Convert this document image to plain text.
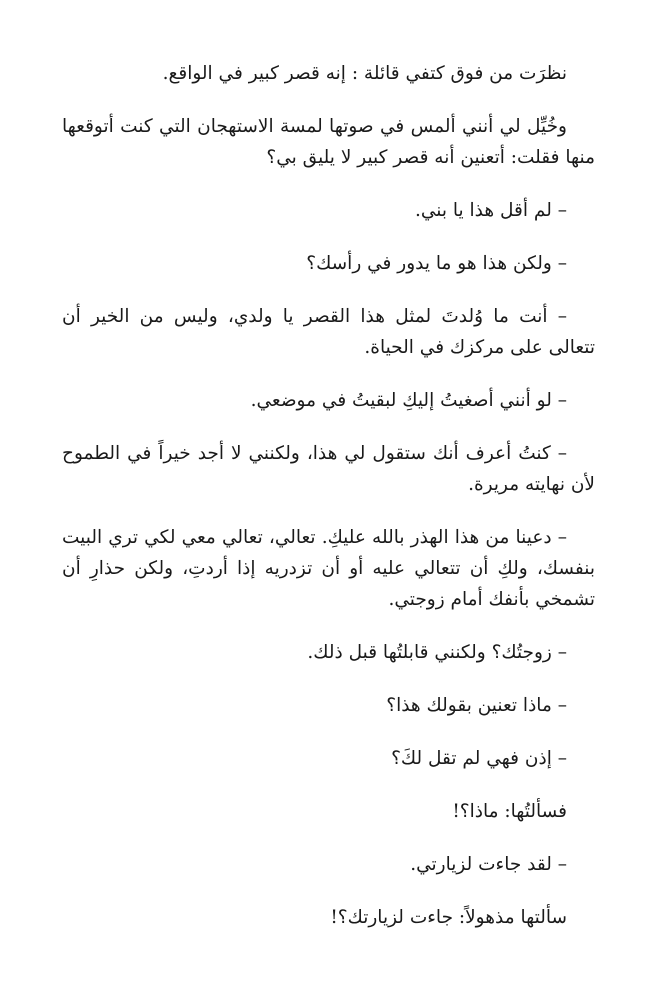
نظرَت من فوق كتفي قائلة : إنه قصر كبير في الواقع.

وخُيِّل لي أنني ألمس في صوتها لمسة الاستهجان التي كنت أتوقعها منها فقلت: أتعنين أنه قصر كبير لا يليق بي؟

– لم أقل هذا يا بني.

– ولكن هذا هو ما يدور في رأسك؟

– أنت ما وُلدتَ لمثل هذا القصر يا ولدي، وليس من الخير أن تتعالى على مركزك في الحياة.

– لو أنني أصغيتُ إليكِ لبقيتُ في موضعي.

– كنتُ أعرف أنك ستقول لي هذا، ولكنني لا أجد خيراً في الطموح لأن نهايته مريرة.

– دعينا من هذا الهذر بالله عليكِ. تعالي، تعالي معي لكي تري البيت بنفسك، ولكِ أن تتعالي عليه أو أن تزدريه إذا أردتِ، ولكن حذارِ أن تشمخي بأنفك أمام زوجتي.

– زوجتُك؟ ولكنني قابلتُها قبل ذلك.

– ماذا تعنين بقولك هذا؟

– إذن فهي لم تقل لكَ؟

فسألتُها: ماذا؟!

– لقد جاءت لزيارتي.

سألتها مذهولاً: جاءت لزيارتك؟!
